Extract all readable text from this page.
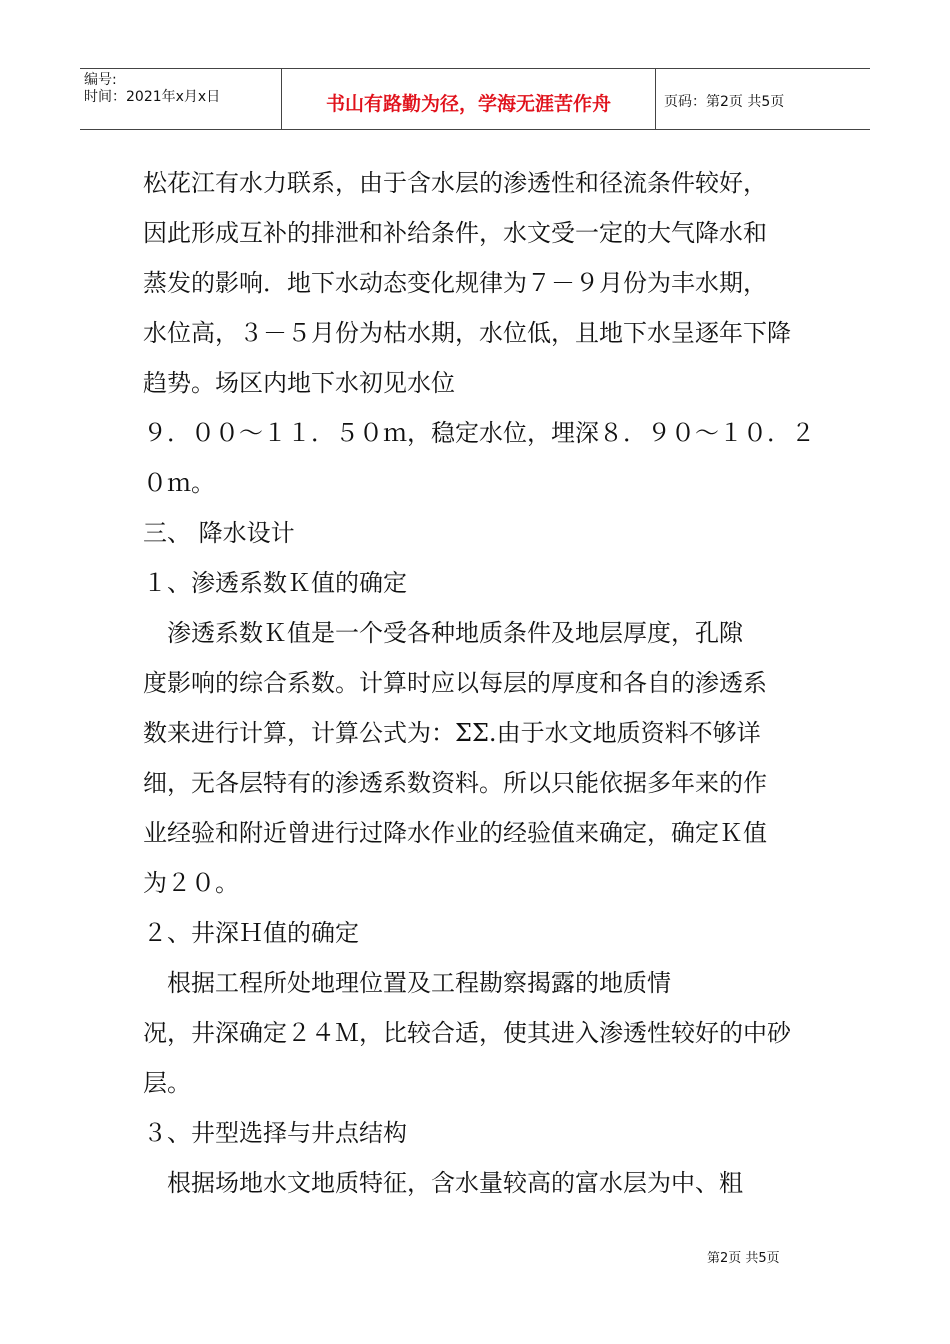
编号:
时间：2021年x月x日	书山有路勤为径，学海无涯苦作舟	页码：第2页 共5页
松花江有水力联系，由于含水层的渗透性和径流条件较好，
因此形成互补的排泄和补给条件，水文受一定的大气降水和
蒸发的影响．地下水动态变化规律为７－９月份为丰水期，
水位高，３－５月份为枯水期，水位低，且地下水呈逐年下降
趋势。场区内地下水初见水位
９．００～１１．５０ｍ，稳定水位，埋深８．９０～１０．２
０ｍ。
三、 降水设计
１、渗透系数Ｋ值的确定
　渗透系数Ｋ值是一个受各种地质条件及地层厚度，孔隙
度影响的综合系数。计算时应以每层的厚度和各自的渗透系
数来进行计算，计算公式为：ΣΣ.由于水文地质资料不够详
细，无各层特有的渗透系数资料。所以只能依据多年来的作
业经验和附近曾进行过降水作业的经验值来确定，确定Ｋ值
为２０。
２、井深Ｈ值的确定
　根据工程所处地理位置及工程勘察揭露的地质情
况，井深确定２４Ｍ，比较合适，使其进入渗透性较好的中砂
层。
３、井型选择与井点结构
　根据场地水文地质特征，含水量较高的富水层为中、粗
第2页 共5页
